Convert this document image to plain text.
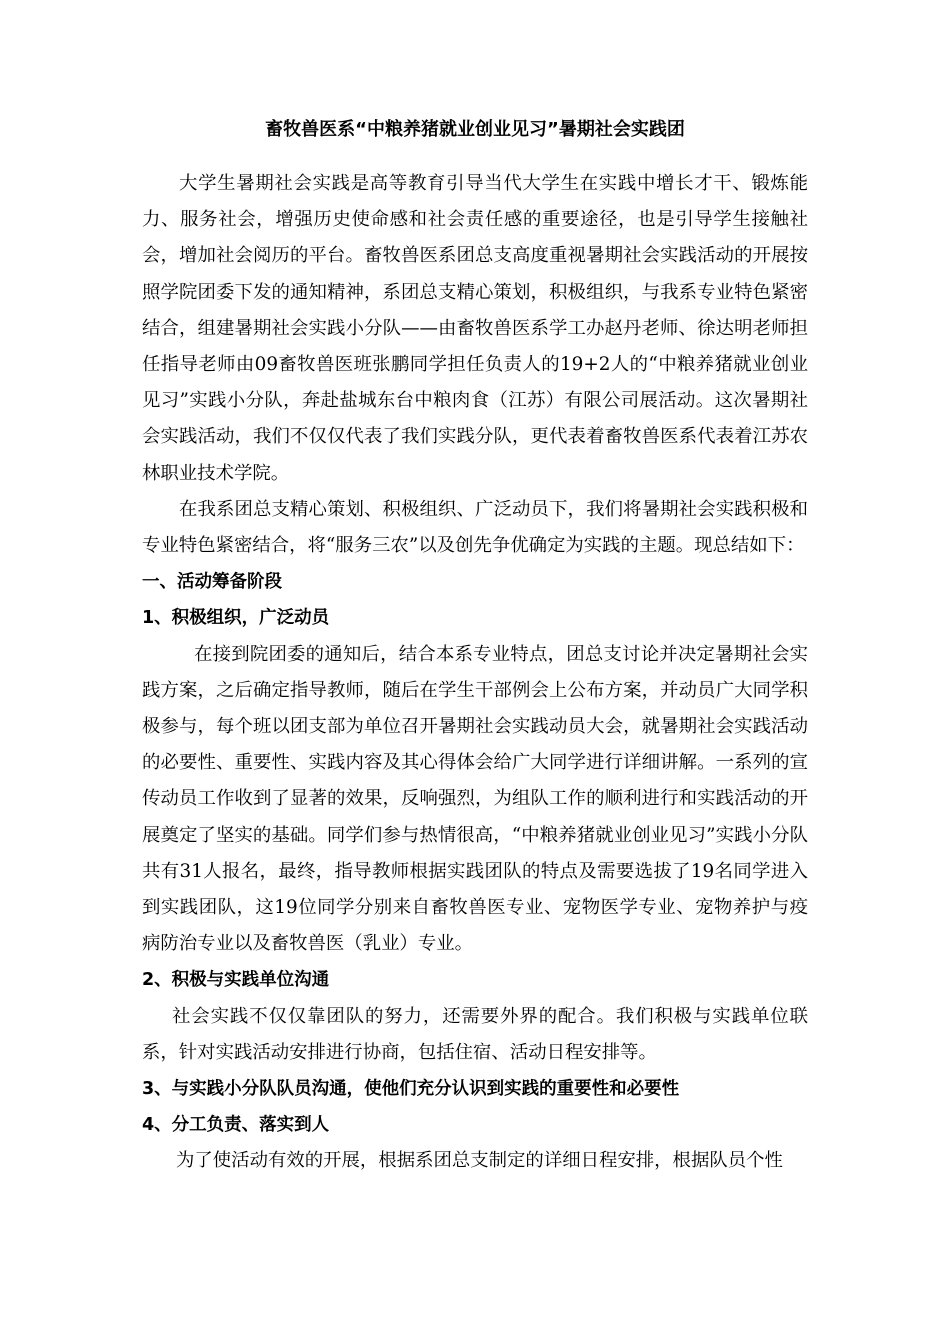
畜牧兽医系“中粮养猪就业创业见习”暑期社会实践团

大学生暑期社会实践是高等教育引导当代大学生在实践中增长才干、锻炼能力、服务社会，增强历史使命感和社会责任感的重要途径，也是引导学生接触社会，增加社会阅历的平台。畜牧兽医系团总支高度重视暑期社会实践活动的开展按照学院团委下发的通知精神，系团总支精心策划，积极组织，与我系专业特色紧密结合，组建暑期社会实践小分队——由畜牧兽医系学工办赵丹老师、徐达明老师担任指导老师由09畜牧兽医班张鹏同学担任负责人的19+2人的“中粮养猪就业创业见习”实践小分队，奔赴盐城东台中粮肉食（江苏）有限公司展活动。这次暑期社会实践活动，我们不仅仅代表了我们实践分队，更代表着畜牧兽医系代表着江苏农林职业技术学院。

在我系团总支精心策划、积极组织、广泛动员下，我们将暑期社会实践积极和专业特色紧密结合，将“服务三农”以及创先争优确定为实践的主题。现总结如下：

一、活动筹备阶段

1、积极组织，广泛动员

在接到院团委的通知后，结合本系专业特点，团总支讨论并决定暑期社会实践方案，之后确定指导教师，随后在学生干部例会上公布方案，并动员广大同学积极参与，每个班以团支部为单位召开暑期社会实践动员大会，就暑期社会实践活动的必要性、重要性、实践内容及其心得体会给广大同学进行详细讲解。一系列的宣传动员工作收到了显著的效果，反响强烈，为组队工作的顺利进行和实践活动的开展奠定了坚实的基础。同学们参与热情很高，“中粮养猪就业创业见习”实践小分队共有31人报名，最终，指导教师根据实践团队的特点及需要选拔了19名同学进入到实践团队，这19位同学分别来自畜牧兽医专业、宠物医学专业、宠物养护与疫病防治专业以及畜牧兽医（乳业）专业。

2、积极与实践单位沟通

社会实践不仅仅靠团队的努力，还需要外界的配合。我们积极与实践单位联系，针对实践活动安排进行协商，包括住宿、活动日程安排等。

3、与实践小分队队员沟通，使他们充分认识到实践的重要性和必要性

4、分工负责、落实到人

为了使活动有效的开展，根据系团总支制定的详细日程安排，根据队员个性
